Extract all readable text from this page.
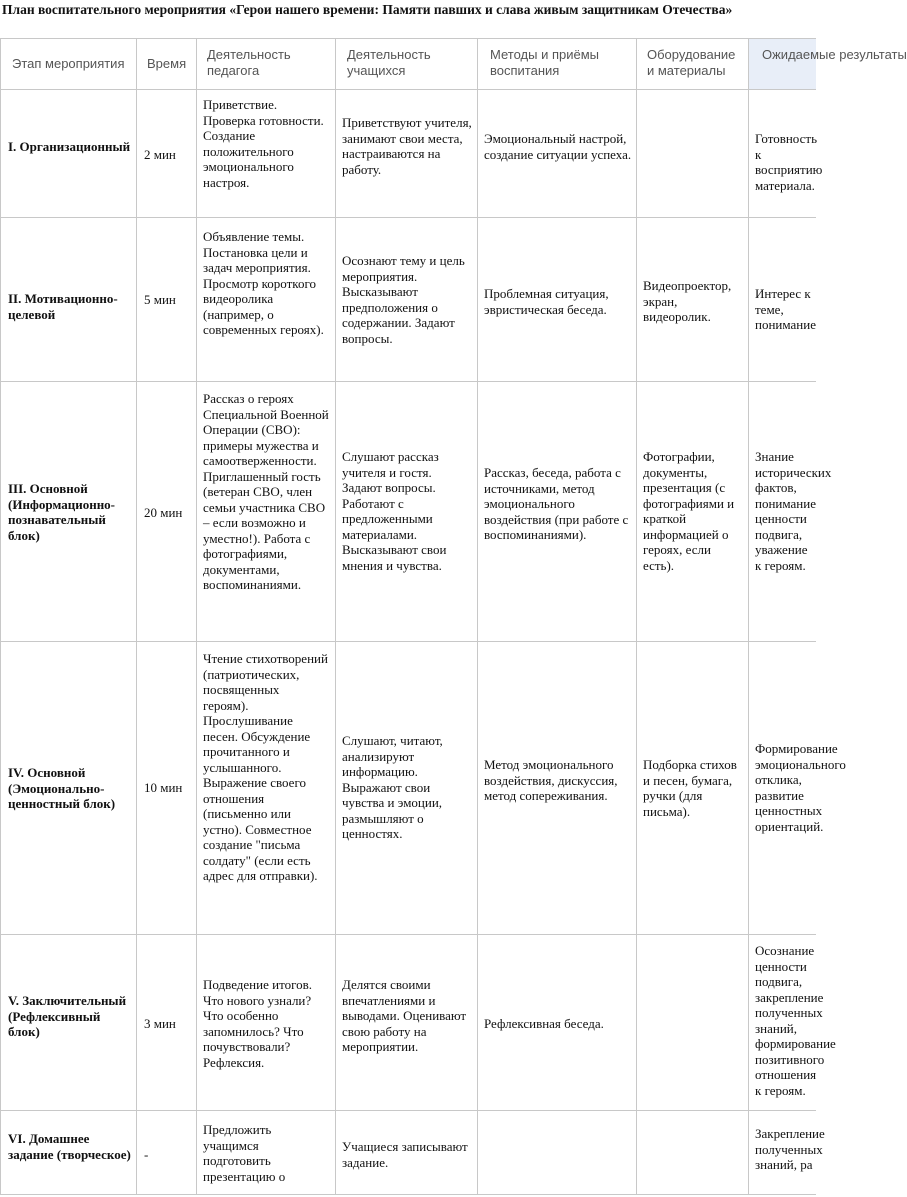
План воспитательного мероприятия «Герои нашего времени: Памяти павших и слава живым защитникам Отечества»
Этап мероприятия	Время
Деятельность педагога
Деятельность учащихся
Методы и приёмы воспитания
Оборудование и материалы
Ожидаемые результаты
I. Организационный
2 мин
Приветствие. Проверка готовности. Создание положительного эмоционального настроя.
Приветствуют учителя, занимают свои места, настраиваются на работу.
Эмоциональный настрой, создание ситуации успеха.
Готовность к восприятию материала.
II. Мотивационно-целевой
5 мин
Объявление темы. Постановка цели и задач мероприятия. Просмотр короткого видеоролика (например, о современных героях).
Осознают тему и цель мероприятия. Высказывают предположения о содержании. Задают вопросы.
Проблемная ситуация, эвристическая беседа.
Видеопроектор, экран, видеоролик.
Интерес к теме, понимание
III. Основной (Информационно-познавательный блок)
20 мин
Рассказ о героях Специальной Военной Операции (СВО): примеры мужества и самоотверженности. Приглашенный гость (ветеран СВО, член семьи участника СВО – если возможно и уместно!). Работа с фотографиями, документами, воспоминаниями.
Слушают рассказ учителя и гостя. Задают вопросы. Работают с предложенными материалами. Высказывают свои мнения и чувства.
Рассказ, беседа, работа с источниками, метод эмоционального воздействия (при работе с воспоминаниями).
Фотографии, документы, презентация (с фотографиями и краткой информацией о героях, если есть).
Знание исторических фактов, понимание ценности подвига, уважение к героям.
IV. Основной (Эмоционально-ценностный блок)
10 мин
Чтение стихотворений (патриотических, посвященных героям). Прослушивание песен. Обсуждение прочитанного и услышанного. Выражение своего отношения (письменно или устно). Совместное создание "письма солдату" (если есть адрес для отправки).
Слушают, читают, анализируют информацию. Выражают свои чувства и эмоции, размышляют о ценностях.
Метод эмоционального воздействия, дискуссия, метод сопереживания.
Подборка стихов и песен, бумага, ручки (для письма).
Формирование эмоционального отклика, развитие ценностных ориентаций.
V. Заключительный (Рефлексивный блок)
3 мин
Подведение итогов. Что нового узнали? Что особенно запомнилось? Что почувствовали? Рефлексия.
Делятся своими впечатлениями и выводами. Оценивают свою работу на мероприятии.
Рефлексивная беседа.
Осознание ценности подвига, закрепление полученных знаний, формирование позитивного отношения к героям.
VI. Домашнее задание (творческое) -
Предложить учащимся подготовить презентацию о
Учащиеся записывают задание.
Закрепление полученных знаний, ра
